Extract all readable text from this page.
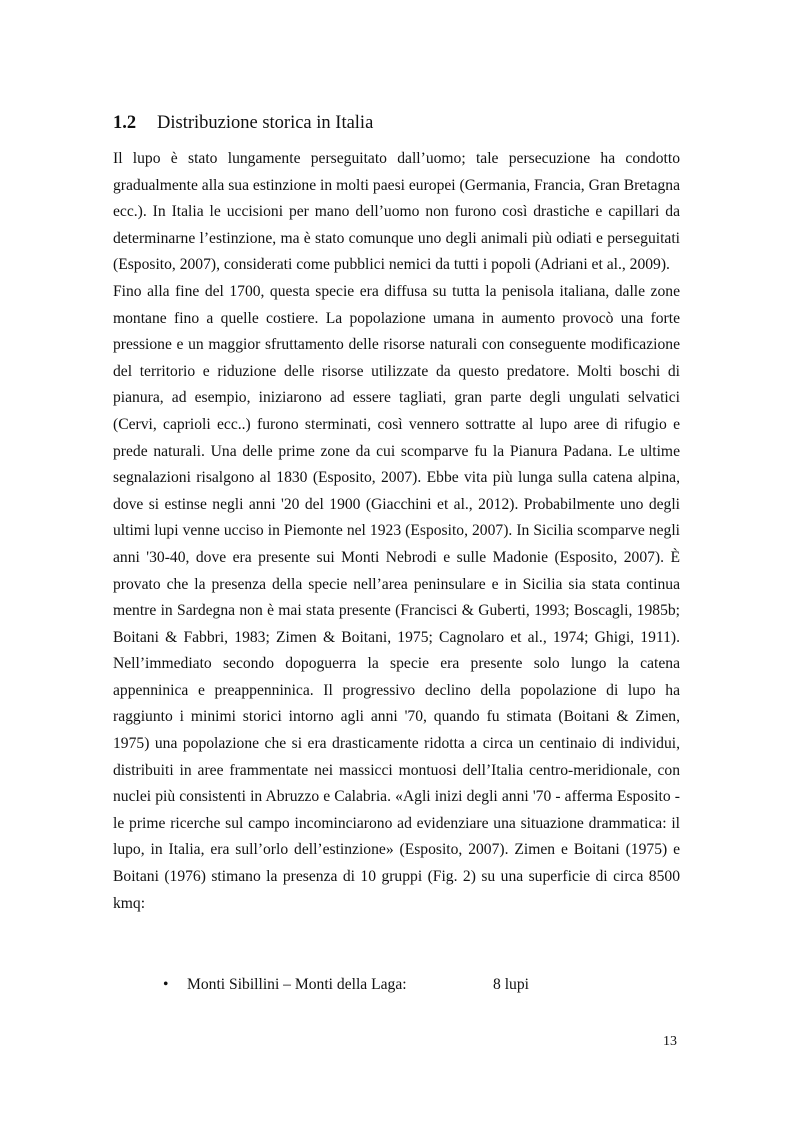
1.2 Distribuzione storica in Italia

Il lupo è stato lungamente perseguitato dall’uomo; tale persecuzione ha condotto gradualmente alla sua estinzione in molti paesi europei (Germania, Francia, Gran Bretagna ecc.). In Italia le uccisioni per mano dell’uomo non furono così drastiche e capillari da determinarne l’estinzione, ma è stato comunque uno degli animali più odiati e perseguitati (Esposito, 2007), considerati come pubblici nemici da tutti i popoli (Adriani et al., 2009).

Fino alla fine del 1700, questa specie era diffusa su tutta la penisola italiana, dalle zone montane fino a quelle costiere. La popolazione umana in aumento provocò una forte pressione e un maggior sfruttamento delle risorse naturali con conseguente modificazione del territorio e riduzione delle risorse utilizzate da questo predatore. Molti boschi di pianura, ad esempio, iniziarono ad essere tagliati, gran parte degli ungulati selvatici (Cervi, caprioli ecc..) furono sterminati, così vennero sottratte al lupo aree di rifugio e prede naturali. Una delle prime zone da cui scomparve fu la Pianura Padana. Le ultime segnalazioni risalgono al 1830 (Esposito, 2007). Ebbe vita più lunga sulla catena alpina, dove si estinse negli anni '20 del 1900 (Giacchini et al., 2012). Probabilmente uno degli ultimi lupi venne ucciso in Piemonte nel 1923 (Esposito, 2007). In Sicilia scomparve negli anni '30-40, dove era presente sui Monti Nebrodi e sulle Madonie (Esposito, 2007). È provato che la presenza della specie nell’area peninsulare e in Sicilia sia stata continua mentre in Sardegna non è mai stata presente (Francisci & Guberti, 1993; Boscagli, 1985b; Boitani & Fabbri, 1983; Zimen & Boitani, 1975; Cagnolaro et al., 1974; Ghigi, 1911). Nell’immediato secondo dopoguerra la specie era presente solo lungo la catena appenninica e preappenninica. Il progressivo declino della popolazione di lupo ha raggiunto i minimi storici intorno agli anni '70, quando fu stimata (Boitani & Zimen, 1975) una popolazione che si era drasticamente ridotta a circa un centinaio di individui, distribuiti in aree frammentate nei massicci montuosi dell’Italia centro-meridionale, con nuclei più consistenti in Abruzzo e Calabria. «Agli inizi degli anni '70 - afferma Esposito - le prime ricerche sul campo incominciarono ad evidenziare una situazione drammatica: il lupo, in Italia, era sull’orlo dell’estinzione» (Esposito, 2007). Zimen e Boitani (1975) e Boitani (1976) stimano la presenza di 10 gruppi (Fig. 2) su una superficie di circa 8500 kmq:

• Monti Sibillini – Monti della Laga:	8 lupi
13
